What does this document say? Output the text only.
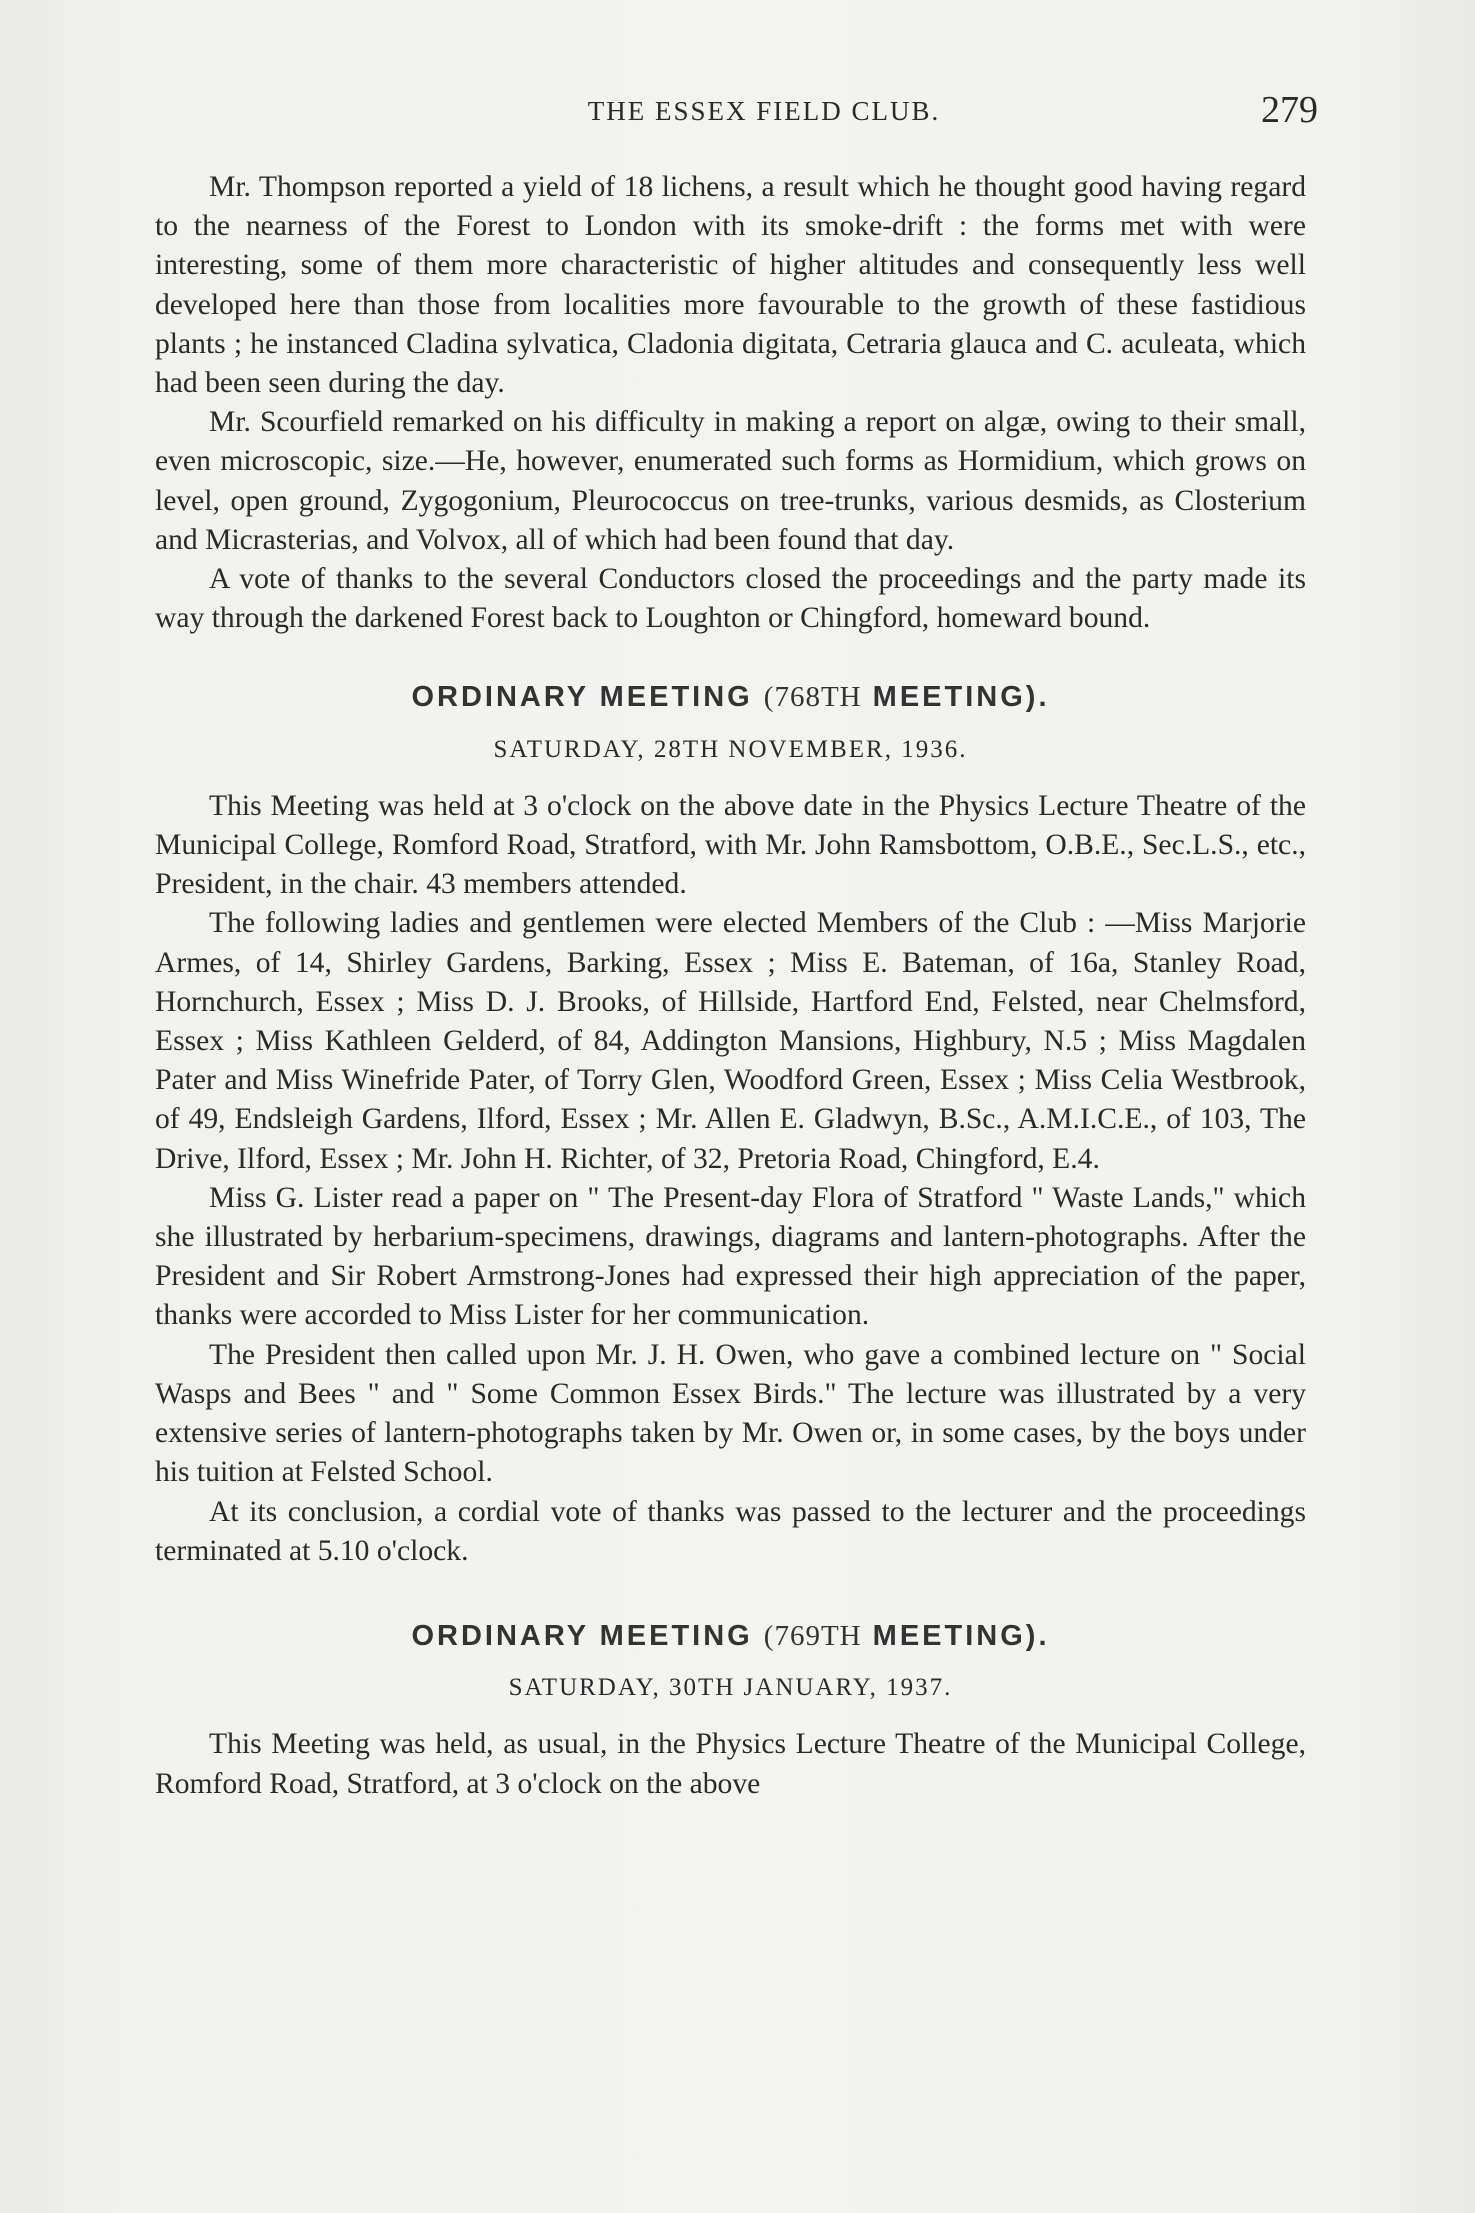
THE ESSEX FIELD CLUB.	279

Mr. Thompson reported a yield of 18 lichens, a result which he thought good having regard to the nearness of the Forest to London with its smoke-drift : the forms met with were interesting, some of them more characteristic of higher altitudes and consequently less well developed here than those from localities more favourable to the growth of these fastidious plants ; he instanced Cladina sylvatica, Cladonia digitata, Cetraria glauca and C. aculeata, which had been seen during the day.

Mr. Scourfield remarked on his difficulty in making a report on algæ, owing to their small, even microscopic, size.—He, however, enumerated such forms as Hormidium, which grows on level, open ground, Zygogonium, Pleurococcus on tree-trunks, various desmids, as Closterium and Micrasterias, and Volvox, all of which had been found that day.

A vote of thanks to the several Conductors closed the proceedings and the party made its way through the darkened Forest back to Loughton or Chingford, homeward bound.

ORDINARY MEETING (768TH MEETING).

SATURDAY, 28TH NOVEMBER, 1936.

This Meeting was held at 3 o'clock on the above date in the Physics Lecture Theatre of the Municipal College, Romford Road, Stratford, with Mr. John Ramsbottom, O.B.E., Sec.L.S., etc., President, in the chair. 43 members attended.

The following ladies and gentlemen were elected Members of the Club : —Miss Marjorie Armes, of 14, Shirley Gardens, Barking, Essex ; Miss E. Bateman, of 16a, Stanley Road, Hornchurch, Essex ; Miss D. J. Brooks, of Hillside, Hartford End, Felsted, near Chelmsford, Essex ; Miss Kathleen Gelderd, of 84, Addington Mansions, Highbury, N.5 ; Miss Magdalen Pater and Miss Winefride Pater, of Torry Glen, Woodford Green, Essex ; Miss Celia Westbrook, of 49, Endsleigh Gardens, Ilford, Essex ; Mr. Allen E. Gladwyn, B.Sc., A.M.I.C.E., of 103, The Drive, Ilford, Essex ; Mr. John H. Richter, of 32, Pretoria Road, Chingford, E.4.

Miss G. Lister read a paper on " The Present-day Flora of Stratford " Waste Lands," which she illustrated by herbarium-specimens, drawings, diagrams and lantern-photographs. After the President and Sir Robert Armstrong-Jones had expressed their high appreciation of the paper, thanks were accorded to Miss Lister for her communication.

The President then called upon Mr. J. H. Owen, who gave a combined lecture on " Social Wasps and Bees " and " Some Common Essex Birds." The lecture was illustrated by a very extensive series of lantern-photographs taken by Mr. Owen or, in some cases, by the boys under his tuition at Felsted School.

At its conclusion, a cordial vote of thanks was passed to the lecturer and the proceedings terminated at 5.10 o'clock.

ORDINARY MEETING (769TH MEETING).

SATURDAY, 30TH JANUARY, 1937.

This Meeting was held, as usual, in the Physics Lecture Theatre of the Municipal College, Romford Road, Stratford, at 3 o'clock on the above
